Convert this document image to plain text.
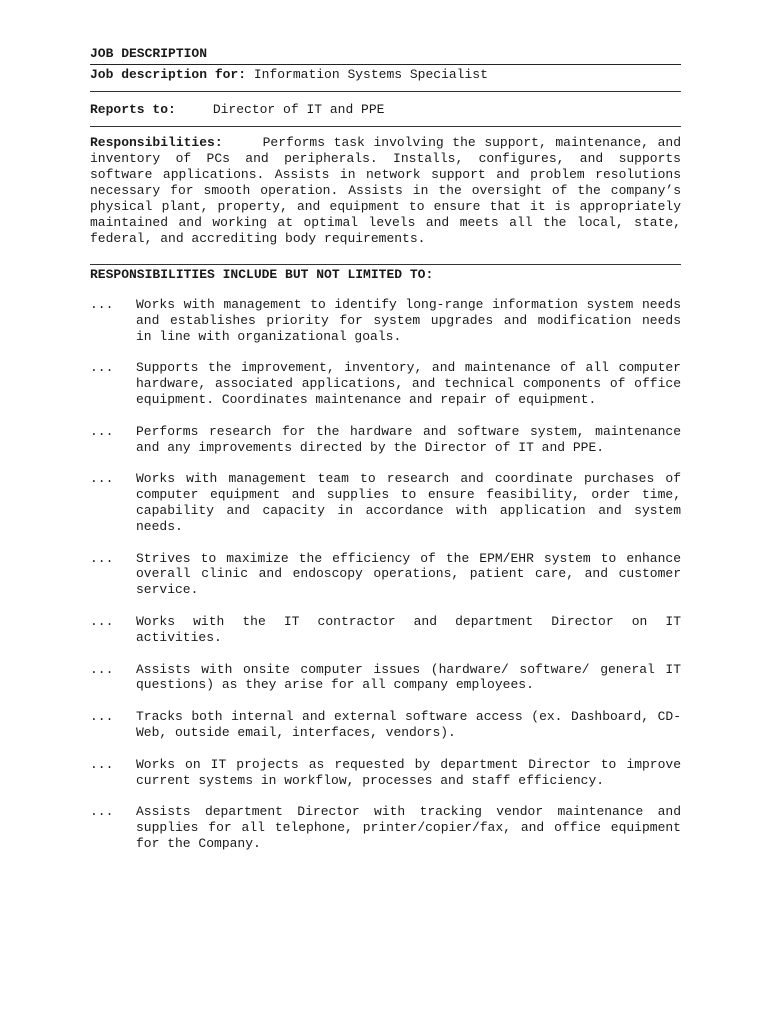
JOB DESCRIPTION
Job description for: Information Systems Specialist
Reports to:	Director of IT and PPE
Responsibilities:	Performs task involving the support, maintenance, and inventory of PCs and peripherals. Installs, configures, and supports software applications. Assists in network support and problem resolutions necessary for smooth operation. Assists in the oversight of the company’s physical plant, property, and equipment to ensure that it is appropriately maintained and working at optimal levels and meets all the local, state, federal, and accrediting body requirements.
RESPONSIBILITIES INCLUDE BUT NOT LIMITED TO:
...	Works with management to identify long-range information system needs and establishes priority for system upgrades and modification needs in line with organizational goals.
...	Supports the improvement, inventory, and maintenance of all computer hardware, associated applications, and technical components of office equipment. Coordinates maintenance and repair of equipment.
...	Performs research for the hardware and software system, maintenance and any improvements directed by the Director of IT and PPE.
...	Works with management team to research and coordinate purchases of computer equipment and supplies to ensure feasibility, order time, capability and capacity in accordance with application and system needs.
...	Strives to maximize the efficiency of the EPM/EHR system to enhance overall clinic and endoscopy operations, patient care, and customer service.
...	Works with the IT contractor and department Director on IT activities.
...	Assists with onsite computer issues (hardware/ software/ general IT questions) as they arise for all company employees.
...	Tracks both internal and external software access (ex. Dashboard, CD-Web, outside email, interfaces, vendors).
...	Works on IT projects as requested by department Director to improve current systems in workflow, processes and staff efficiency.
...	Assists department Director with tracking vendor maintenance and supplies for all telephone, printer/copier/fax, and office equipment for the Company.
